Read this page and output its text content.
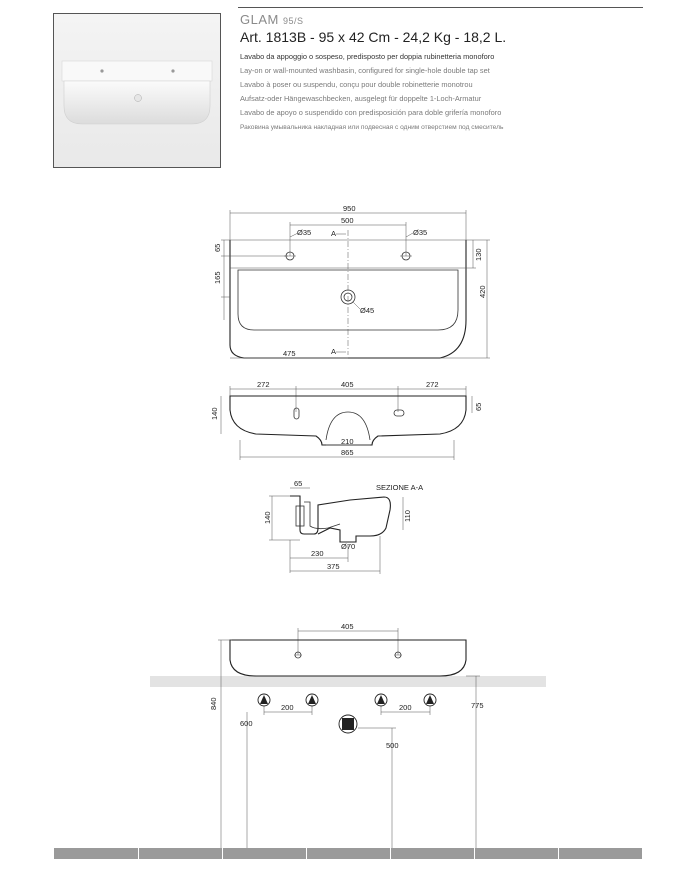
GLAM 95/S
Art. 1813B - 95 x 42 Cm - 24,2 Kg - 18,2 L.
Lavabo da appoggio o sospeso, predisposto per doppia rubinetteria monoforo
Lay-on or wall-mounted washbasin, configured for single-hole double tap set
Lavabo à poser ou suspendu, conçu pour double robinetterie monotrou
Aufsatz-oder Hängewaschbecken, ausgelegt für doppelte 1-Loch-Armatur
Lavabo de apoyo o suspendido con predisposición para doble grifería monoforo
Раковина умывальника накладная или подвесная с одним отверстием под смеситель
950
500
Ø35	Ø35
Ø45
A
A
65
165
130
420
475
272	405	272
140
65
210
865
SEZIONE A-A
65
140	110
Ø70
230
375
405
840	775
600
200	200
500
